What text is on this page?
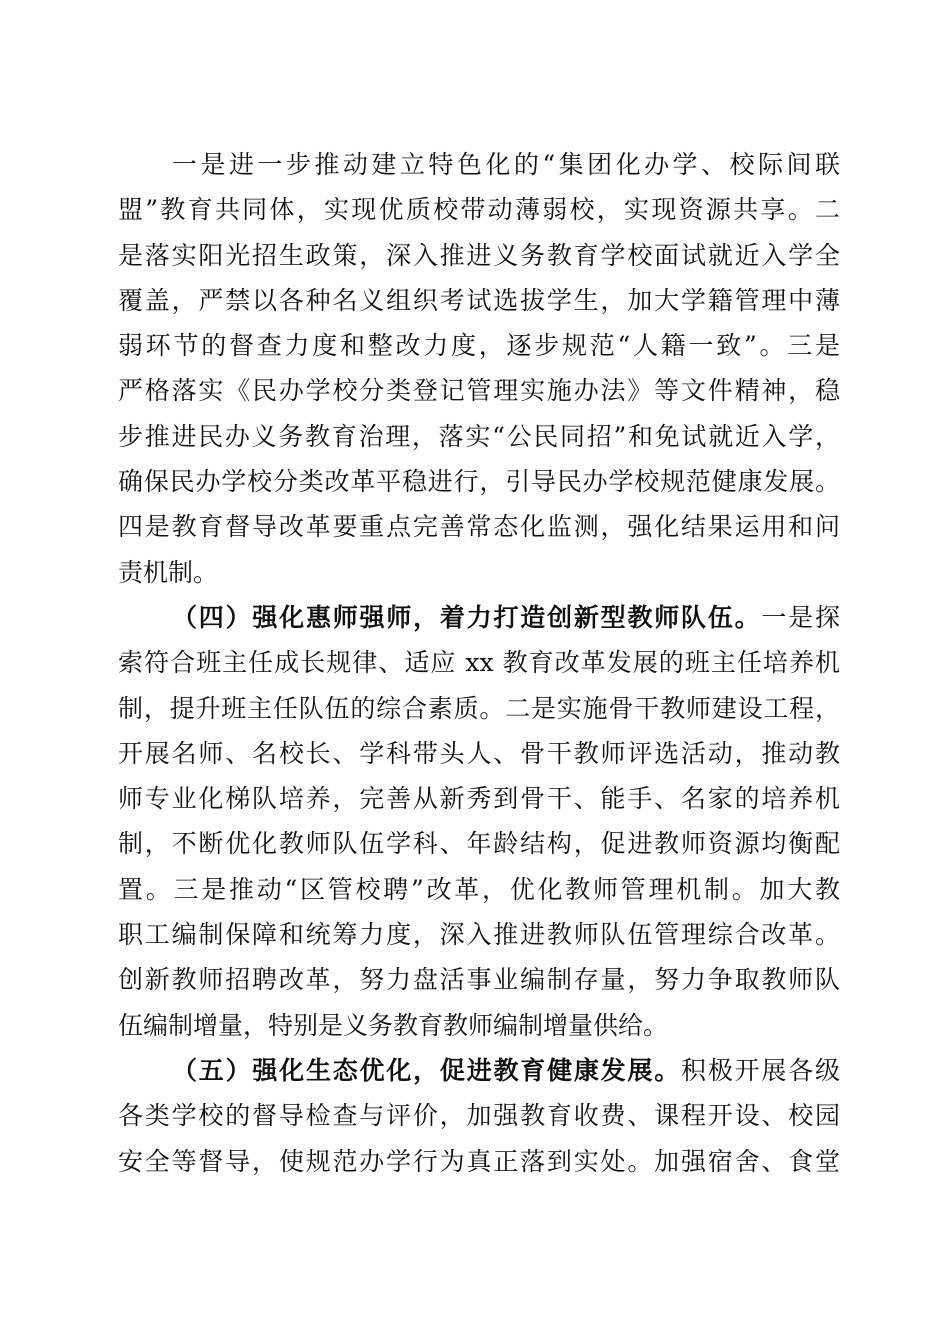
一是进一步推动建立特色化的“集团化办学、校际间联
盟”教育共同体，实现优质校带动薄弱校，实现资源共享。二
是落实阳光招生政策，深入推进义务教育学校面试就近入学全
覆盖，严禁以各种名义组织考试选拔学生，加大学籍管理中薄
弱环节的督查力度和整改力度，逐步规范“人籍一致”。三是
严格落实《民办学校分类登记管理实施办法》等文件精神，稳
步推进民办义务教育治理，落实“公民同招”和免试就近入学，
确保民办学校分类改革平稳进行，引导民办学校规范健康发展。
四是教育督导改革要重点完善常态化监测，强化结果运用和问
责机制。
（四）强化惠师强师，着力打造创新型教师队伍。一是探
索符合班主任成长规律、适应 xx 教育改革发展的班主任培养机
制，提升班主任队伍的综合素质。二是实施骨干教师建设工程，
开展名师、名校长、学科带头人、骨干教师评选活动，推动教
师专业化梯队培养，完善从新秀到骨干、能手、名家的培养机
制，不断优化教师队伍学科、年龄结构，促进教师资源均衡配
置。三是推动“区管校聘”改革，优化教师管理机制。加大教
职工编制保障和统筹力度，深入推进教师队伍管理综合改革。
创新教师招聘改革，努力盘活事业编制存量，努力争取教师队
伍编制增量，特别是义务教育教师编制增量供给。
（五）强化生态优化，促进教育健康发展。积极开展各级
各类学校的督导检查与评价，加强教育收费、课程开设、校园
安全等督导，使规范办学行为真正落到实处。加强宿舍、食堂
